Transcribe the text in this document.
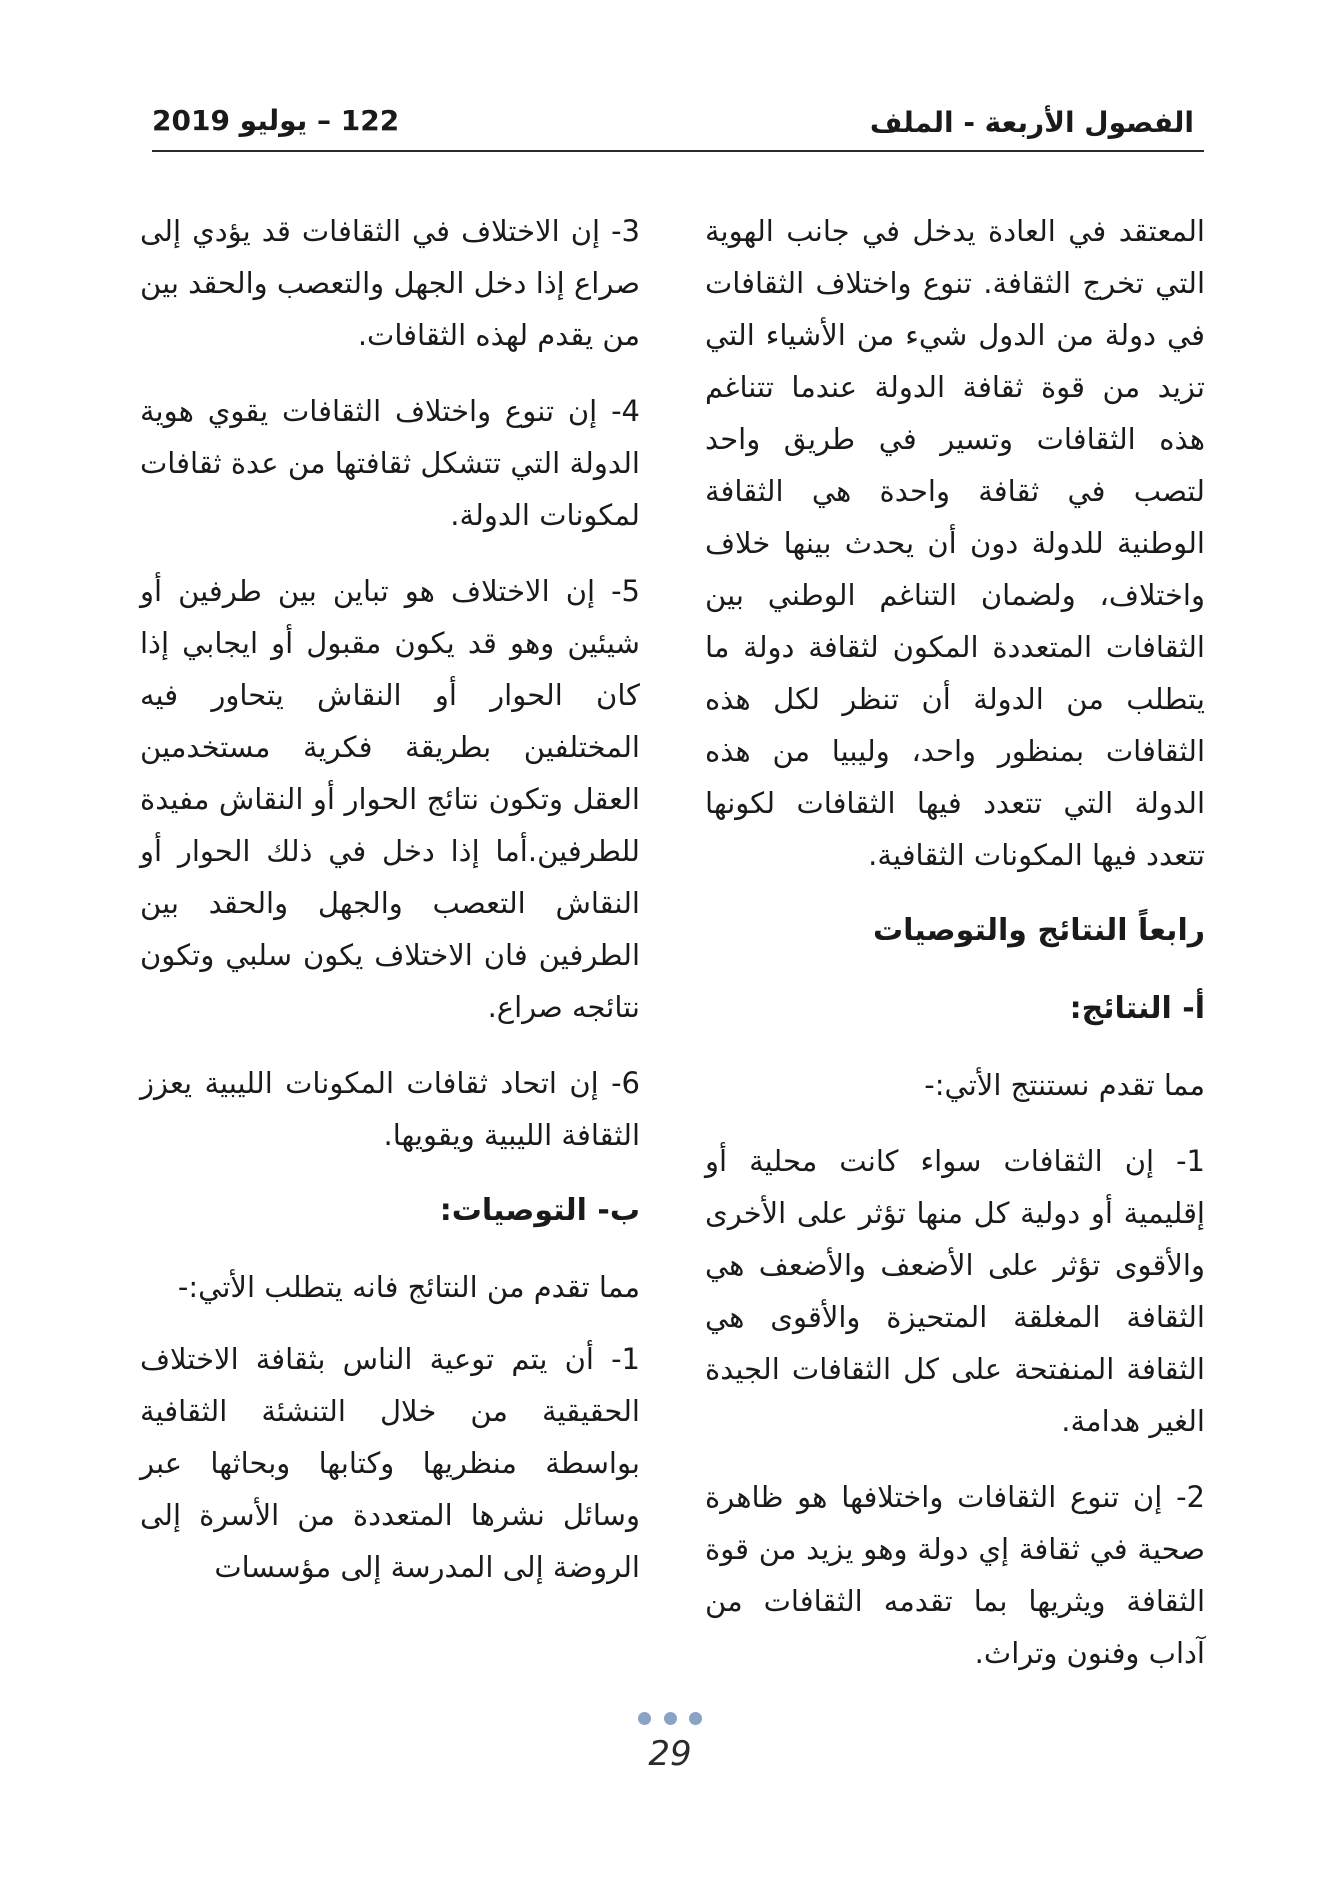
الفصول الأربعة - الملف
122 – يوليو 2019

المعتقد في العادة يدخل في جانب الهوية التي تخرج الثقافة. تنوع واختلاف الثقافات في دولة من الدول شيء من الأشياء التي تزيد من قوة ثقافة الدولة عندما تتناغم هذه الثقافات وتسير في طريق واحد لتصب في ثقافة واحدة هي الثقافة الوطنية للدولة دون أن يحدث بينها خلاف واختلاف، ولضمان التناغم الوطني بين الثقافات المتعددة المكون لثقافة دولة ما يتطلب من الدولة أن تنظر لكل هذه الثقافات بمنظور واحد، وليبيا من هذه الدولة التي تتعدد فيها الثقافات لكونها تتعدد فيها المكونات الثقافية.

رابعاً النتائج والتوصيات
أ- النتائج:

مما تقدم نستنتج الأتي:-

1- إن الثقافات سواء كانت محلية أو إقليمية أو دولية كل منها تؤثر على الأخرى والأقوى تؤثر على الأضعف والأضعف هي الثقافة المغلقة المتحيزة والأقوى هي الثقافة المنفتحة على كل الثقافات الجيدة الغير هدامة.

2- إن تنوع الثقافات واختلافها هو ظاهرة صحية في ثقافة إي دولة وهو يزيد من قوة الثقافة ويثريها بما تقدمه الثقافات من آداب وفنون وتراث.

3- إن الاختلاف في الثقافات قد يؤدي إلى صراع إذا دخل الجهل والتعصب والحقد بين من يقدم لهذه الثقافات.

4- إن تنوع واختلاف الثقافات يقوي هوية الدولة التي تتشكل ثقافتها من عدة ثقافات لمكونات الدولة.

5- إن الاختلاف هو تباين بين طرفين أو شيئين وهو قد يكون مقبول أو ايجابي إذا كان الحوار أو النقاش يتحاور فيه المختلفين بطريقة فكرية مستخدمين العقل وتكون نتائج الحوار أو النقاش مفيدة للطرفين.أما إذا دخل في ذلك الحوار أو النقاش التعصب والجهل والحقد بين الطرفين فان الاختلاف يكون سلبي وتكون نتائجه صراع.

6- إن اتحاد ثقافات المكونات الليبية يعزز الثقافة الليبية ويقويها.

ب- التوصيات:

مما تقدم من النتائج فانه يتطلب الأتي:-

1- أن يتم توعية الناس بثقافة الاختلاف الحقيقية من خلال التنشئة الثقافية بواسطة منظريها وكتابها وبحاثها عبر وسائل نشرها المتعددة من الأسرة إلى الروضة إلى المدرسة إلى مؤسسات

29
